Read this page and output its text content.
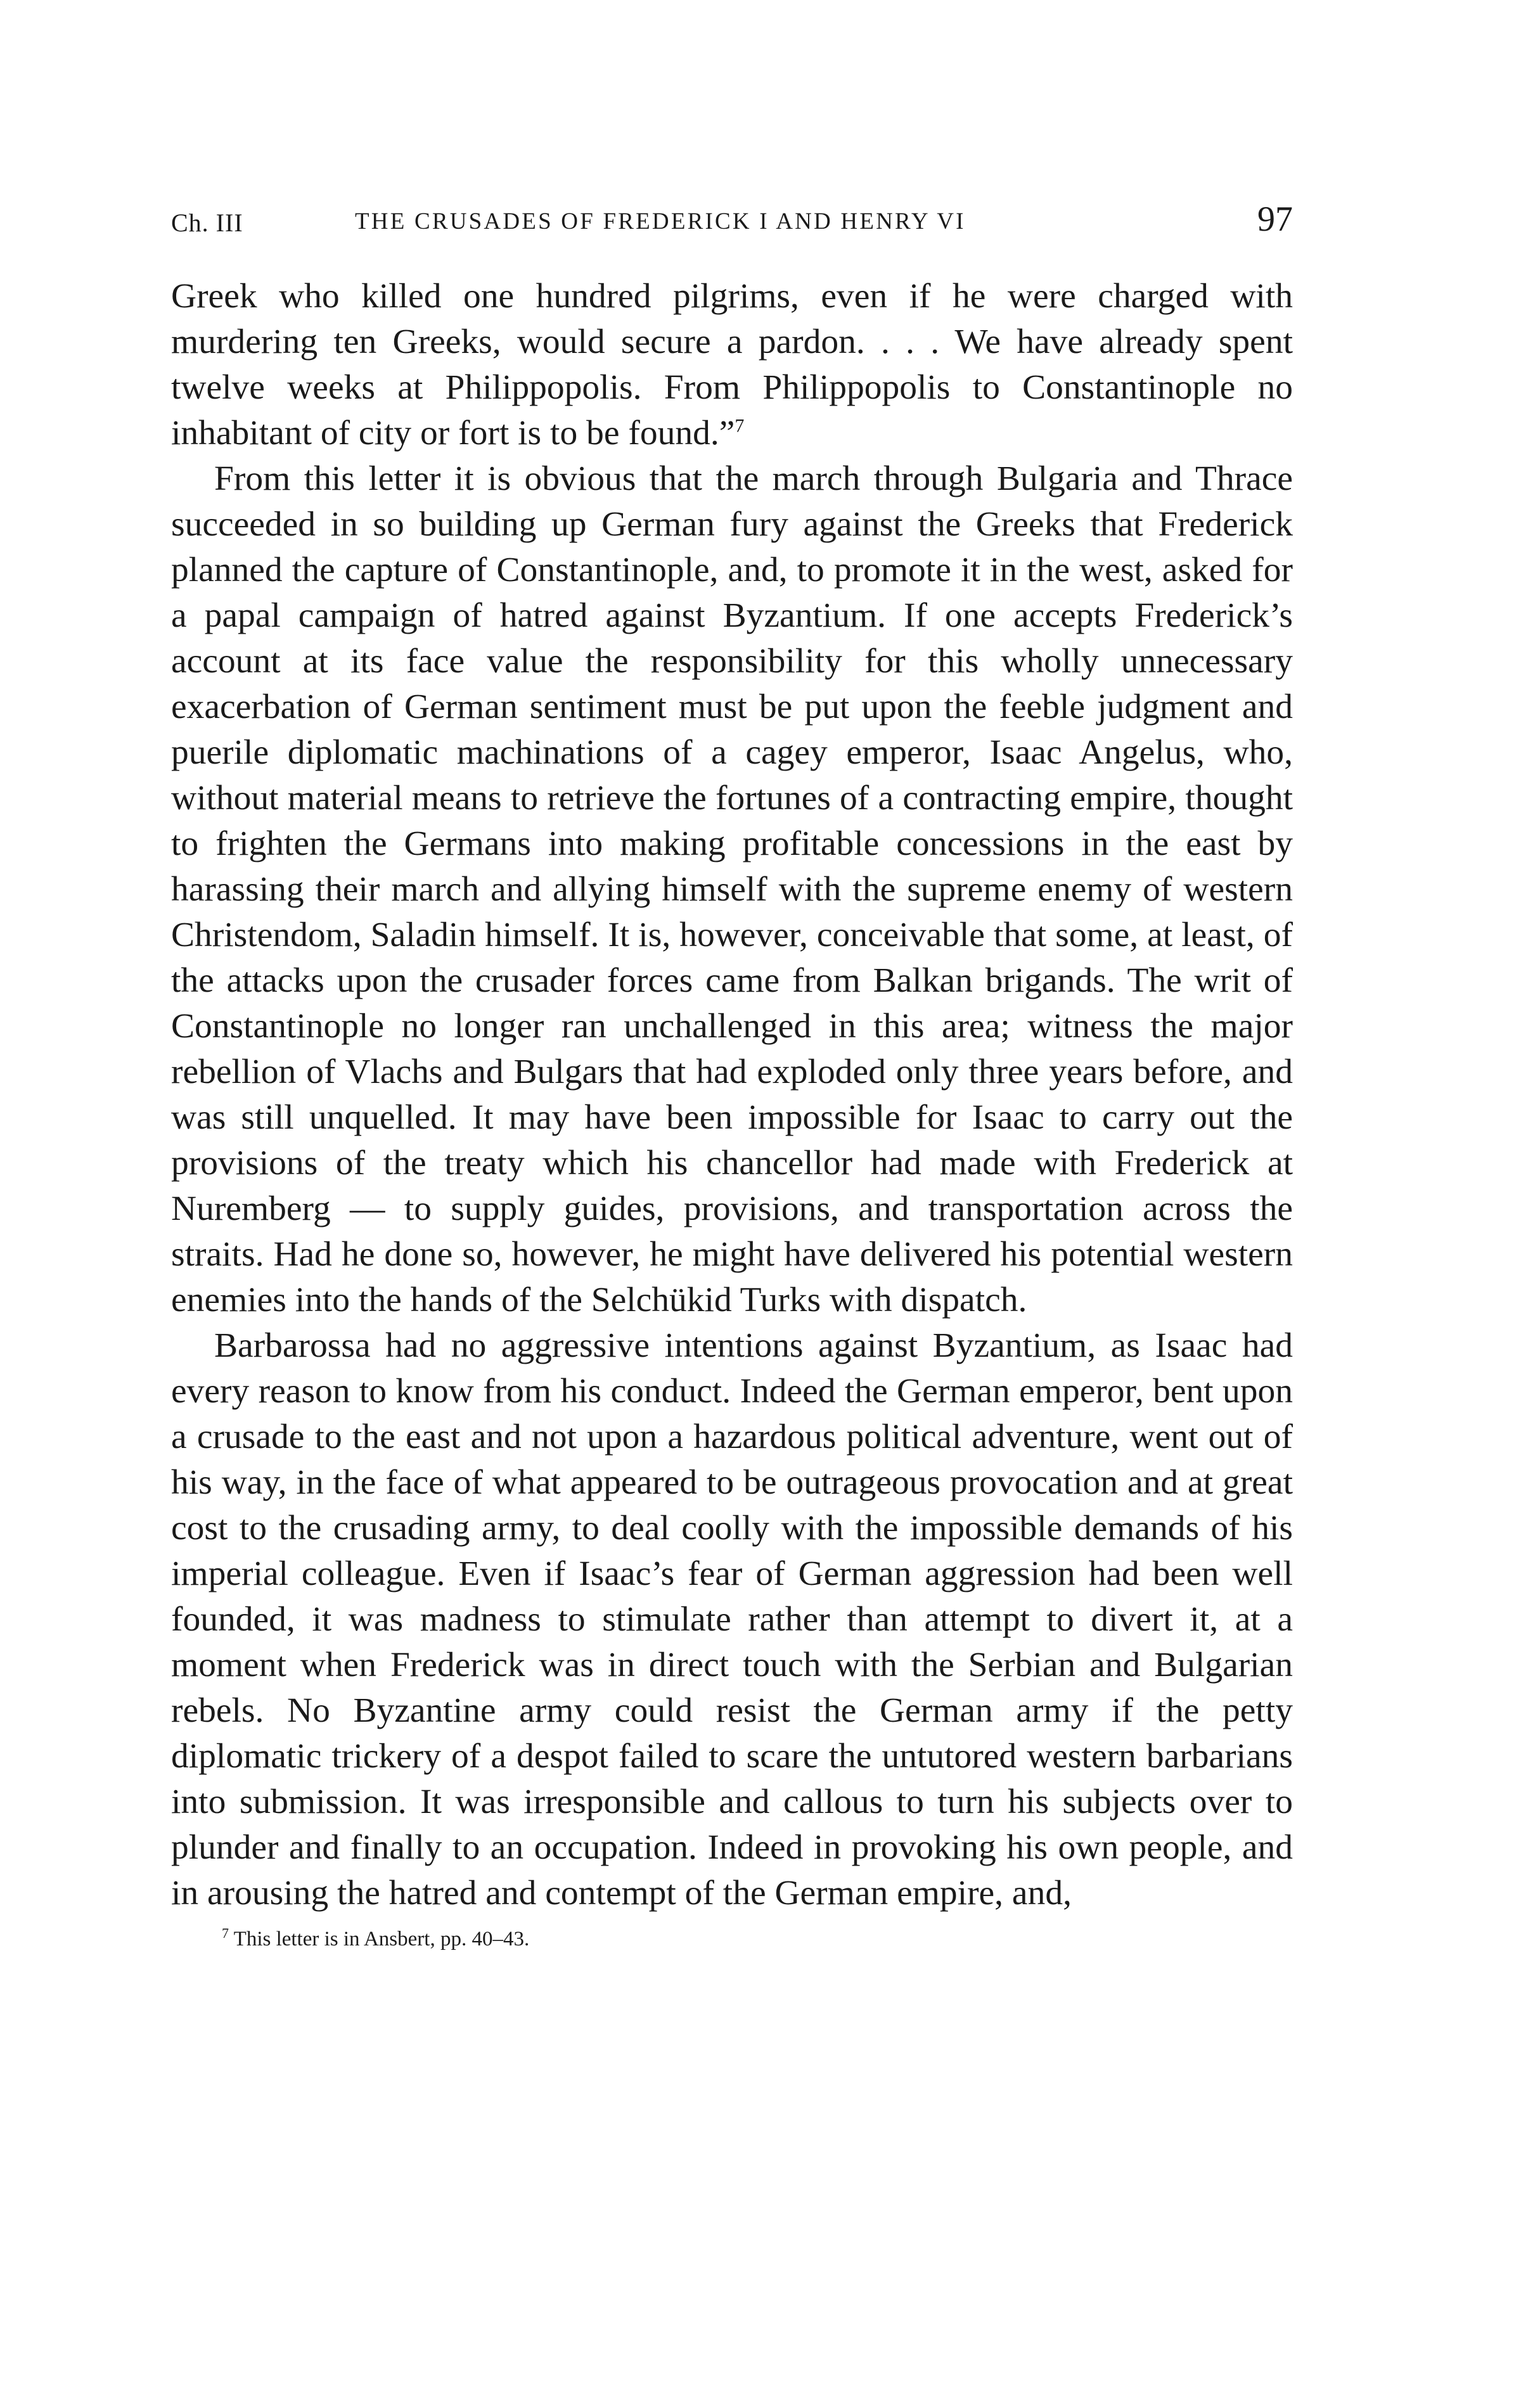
Ch. III	THE CRUSADES OF FREDERICK I AND HENRY VI	97

Greek who killed one hundred pilgrims, even if he were charged with murdering ten Greeks, would secure a pardon. . . . We have already spent twelve weeks at Philippopolis. From Philippopolis to Constantinople no inhabitant of city or fort is to be found.”$^7$

From this letter it is obvious that the march through Bulgaria and Thrace succeeded in so building up German fury against the Greeks that Frederick planned the capture of Constantinople, and, to promote it in the west, asked for a papal campaign of hatred against Byzantium. If one accepts Frederick’s account at its face value the responsibility for this wholly unnecessary exacerbation of German sentiment must be put upon the feeble judgment and puerile diplomatic machinations of a cagey emperor, Isaac Angelus, who, without material means to retrieve the fortunes of a contracting empire, thought to frighten the Germans into making profitable concessions in the east by harassing their march and allying himself with the supreme enemy of western Christendom, Saladin himself. It is, however, conceivable that some, at least, of the attacks upon the crusader forces came from Balkan brigands. The writ of Constantinople no longer ran unchallenged in this area; witness the major rebellion of Vlachs and Bulgars that had exploded only three years before, and was still unquelled. It may have been impossible for Isaac to carry out the provisions of the treaty which his chancellor had made with Frederick at Nuremberg — to supply guides, provisions, and transportation across the straits. Had he done so, however, he might have delivered his potential western enemies into the hands of the Selchükid Turks with dispatch.

Barbarossa had no aggressive intentions against Byzantium, as Isaac had every reason to know from his conduct. Indeed the German emperor, bent upon a crusade to the east and not upon a hazardous political adventure, went out of his way, in the face of what appeared to be outrageous provocation and at great cost to the crusading army, to deal coolly with the impossible demands of his imperial colleague. Even if Isaac’s fear of German aggression had been well founded, it was madness to stimulate rather than attempt to divert it, at a moment when Frederick was in direct touch with the Serbian and Bulgarian rebels. No Byzantine army could resist the German army if the petty diplomatic trickery of a despot failed to scare the untutored western barbarians into submission. It was irresponsible and callous to turn his subjects over to plunder and finally to an occupation. Indeed in provoking his own people, and in arousing the hatred and contempt of the German empire, and,

$^7$ This letter is in Ansbert, pp. 40–43.
